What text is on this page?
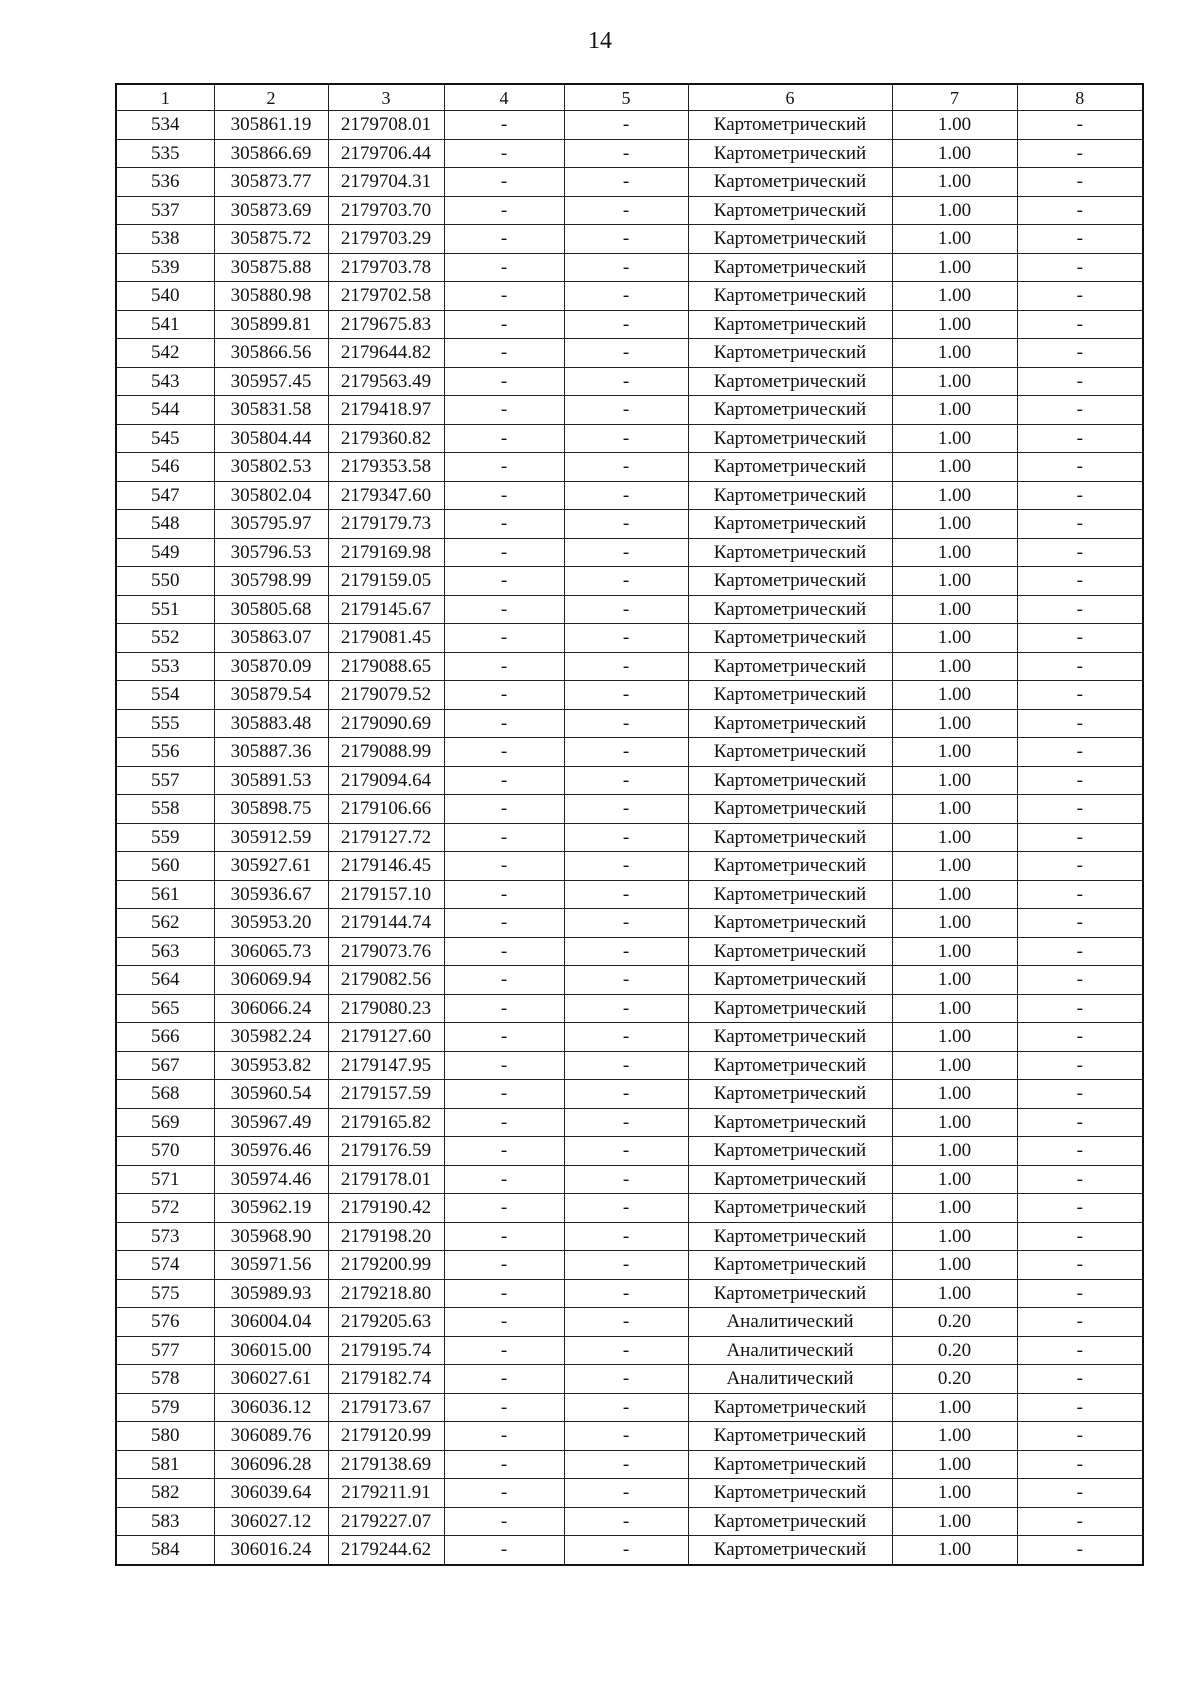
14
1	2	3	4	5	6	7	8
534	305861.19	2179708.01	-	-	Картометрический	1.00	-
535	305866.69	2179706.44	-	-	Картометрический	1.00	-
536	305873.77	2179704.31	-	-	Картометрический	1.00	-
537	305873.69	2179703.70	-	-	Картометрический	1.00	-
538	305875.72	2179703.29	-	-	Картометрический	1.00	-
539	305875.88	2179703.78	-	-	Картометрический	1.00	-
540	305880.98	2179702.58	-	-	Картометрический	1.00	-
541	305899.81	2179675.83	-	-	Картометрический	1.00	-
542	305866.56	2179644.82	-	-	Картометрический	1.00	-
543	305957.45	2179563.49	-	-	Картометрический	1.00	-
544	305831.58	2179418.97	-	-	Картометрический	1.00	-
545	305804.44	2179360.82	-	-	Картометрический	1.00	-
546	305802.53	2179353.58	-	-	Картометрический	1.00	-
547	305802.04	2179347.60	-	-	Картометрический	1.00	-
548	305795.97	2179179.73	-	-	Картометрический	1.00	-
549	305796.53	2179169.98	-	-	Картометрический	1.00	-
550	305798.99	2179159.05	-	-	Картометрический	1.00	-
551	305805.68	2179145.67	-	-	Картометрический	1.00	-
552	305863.07	2179081.45	-	-	Картометрический	1.00	-
553	305870.09	2179088.65	-	-	Картометрический	1.00	-
554	305879.54	2179079.52	-	-	Картометрический	1.00	-
555	305883.48	2179090.69	-	-	Картометрический	1.00	-
556	305887.36	2179088.99	-	-	Картометрический	1.00	-
557	305891.53	2179094.64	-	-	Картометрический	1.00	-
558	305898.75	2179106.66	-	-	Картометрический	1.00	-
559	305912.59	2179127.72	-	-	Картометрический	1.00	-
560	305927.61	2179146.45	-	-	Картометрический	1.00	-
561	305936.67	2179157.10	-	-	Картометрический	1.00	-
562	305953.20	2179144.74	-	-	Картометрический	1.00	-
563	306065.73	2179073.76	-	-	Картометрический	1.00	-
564	306069.94	2179082.56	-	-	Картометрический	1.00	-
565	306066.24	2179080.23	-	-	Картометрический	1.00	-
566	305982.24	2179127.60	-	-	Картометрический	1.00	-
567	305953.82	2179147.95	-	-	Картометрический	1.00	-
568	305960.54	2179157.59	-	-	Картометрический	1.00	-
569	305967.49	2179165.82	-	-	Картометрический	1.00	-
570	305976.46	2179176.59	-	-	Картометрический	1.00	-
571	305974.46	2179178.01	-	-	Картометрический	1.00	-
572	305962.19	2179190.42	-	-	Картометрический	1.00	-
573	305968.90	2179198.20	-	-	Картометрический	1.00	-
574	305971.56	2179200.99	-	-	Картометрический	1.00	-
575	305989.93	2179218.80	-	-	Картометрический	1.00	-
576	306004.04	2179205.63	-	-	Аналитический	0.20	-
577	306015.00	2179195.74	-	-	Аналитический	0.20	-
578	306027.61	2179182.74	-	-	Аналитический	0.20	-
579	306036.12	2179173.67	-	-	Картометрический	1.00	-
580	306089.76	2179120.99	-	-	Картометрический	1.00	-
581	306096.28	2179138.69	-	-	Картометрический	1.00	-
582	306039.64	2179211.91	-	-	Картометрический	1.00	-
583	306027.12	2179227.07	-	-	Картометрический	1.00	-
584	306016.24	2179244.62	-	-	Картометрический	1.00	-
